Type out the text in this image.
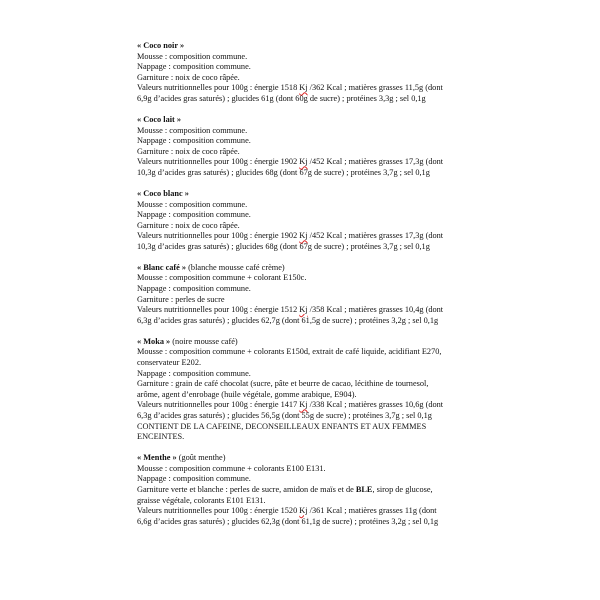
« Coco noir »
Mousse : composition commune.
Nappage : composition commune.
Garniture : noix de coco râpée.
Valeurs nutritionnelles pour 100g : énergie 1518 Kj /362 Kcal ; matières grasses 11,5g (dont
6,9g d’acides gras saturés) ; glucides 61g (dont 60g de sucre) ; protéines 3,3g ; sel 0,1g
« Coco lait »
Mousse : composition commune.
Nappage : composition commune.
Garniture : noix de coco râpée.
Valeurs nutritionnelles pour 100g : énergie 1902 Kj /452 Kcal ; matières grasses 17,3g (dont
10,3g d’acides gras saturés) ; glucides 68g (dont 67g de sucre) ; protéines 3,7g ; sel 0,1g
« Coco blanc »
Mousse : composition commune.
Nappage : composition commune.
Garniture : noix de coco râpée.
Valeurs nutritionnelles pour 100g : énergie 1902 Kj /452 Kcal ; matières grasses 17,3g (dont
10,3g d’acides gras saturés) ; glucides 68g (dont 67g de sucre) ; protéines 3,7g ; sel 0,1g
« Blanc café » (blanche mousse café crème)
Mousse : composition commune + colorant E150c.
Nappage : composition commune.
Garniture : perles de sucre
Valeurs nutritionnelles pour 100g : énergie 1512 Kj /358 Kcal ; matières grasses 10,4g (dont
6,3g d’acides gras saturés) ; glucides 62,7g (dont 61,5g de sucre) ; protéines 3,2g ; sel 0,1g
« Moka » (noire mousse café)
Mousse : composition commune + colorants E150d, extrait de café liquide, acidifiant E270,
conservateur E202.
Nappage : composition commune.
Garniture : grain de café chocolat (sucre, pâte et beurre de cacao, lécithine de tournesol,
arôme, agent d’enrobage (huile végétale, gomme arabique, E904).
Valeurs nutritionnelles pour 100g : énergie 1417 Kj /338 Kcal ; matières grasses 10,6g (dont
6,3g d’acides gras saturés) ; glucides 56,5g (dont 55g de sucre) ; protéines 3,7g ; sel 0,1g
CONTIENT DE LA CAFEINE, DECONSEILLEAUX ENFANTS ET AUX FEMMES
ENCEINTES.
« Menthe » (goût menthe)
Mousse : composition commune + colorants E100 E131.
Nappage : composition commune.
Garniture verte et blanche : perles de sucre, amidon de maïs et de BLE, sirop de glucose,
graisse végétale, colorants E101 E131.
Valeurs nutritionnelles pour 100g : énergie 1520 Kj /361 Kcal ; matières grasses 11g (dont
6,6g d’acides gras saturés) ; glucides 62,3g (dont 61,1g de sucre) ; protéines 3,2g ; sel 0,1g
